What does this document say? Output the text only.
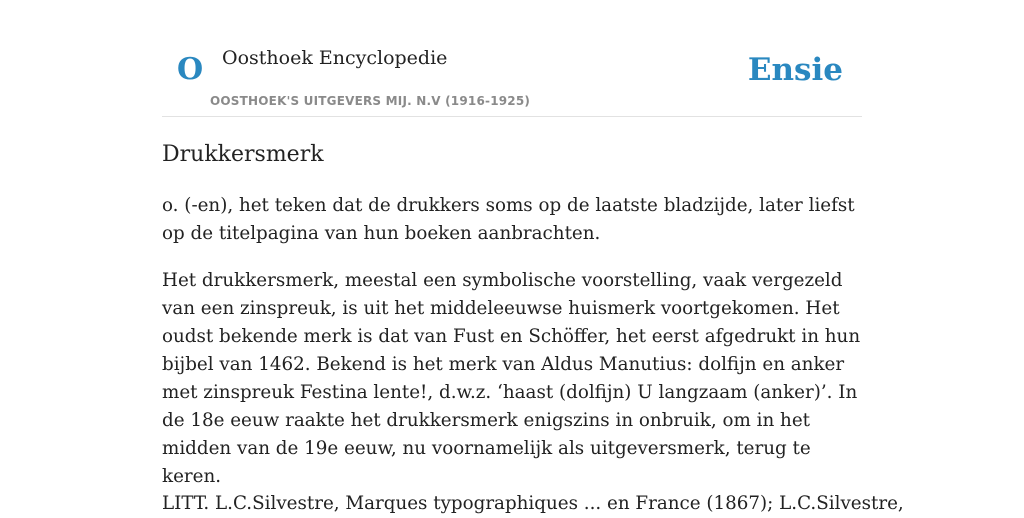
O Oosthoek Encyclopedie
OOSTHOEK'S UITGEVERS MIJ. N.V (1916-1925)
Ensie
Drukkersmerk

o. (-en), het teken dat de drukkers soms op de laatste bladzijde, later liefst op de titelpagina van hun boeken aanbrachten.

Het drukkersmerk, meestal een symbolische voorstelling, vaak vergezeld van een zinspreuk, is uit het middeleeuwse huismerk voortgekomen. Het oudst bekende merk is dat van Fust en Schöffer, het eerst afgedrukt in hun bijbel van 1462. Bekend is het merk van Aldus Manutius: dolfijn en anker met zinspreuk Festina lente!, d.w.z. ‘haast (dolfijn) U langzaam (anker)’. In de 18e eeuw raakte het drukkersmerk enigszins in onbruik, om in het midden van de 19e eeuw, nu voornamelijk als uitgeversmerk, terug te keren.

LITT. L.C.Silvestre, Marques typographiques ... en France (1867); L.C.Silvestre,
